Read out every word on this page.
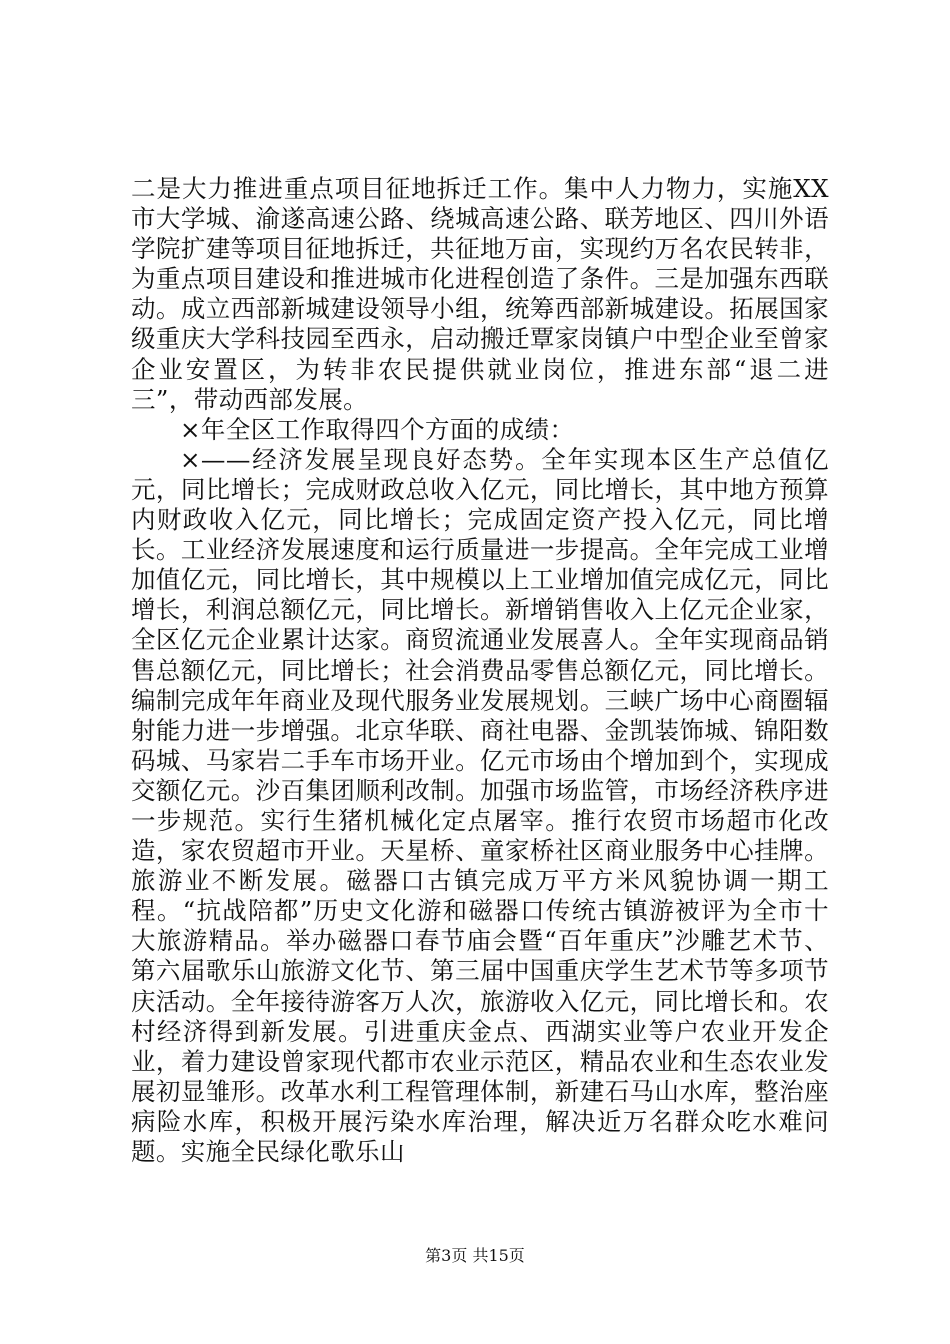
二是大力推进重点项目征地拆迁工作。集中人力物力，实施XX市大学城、渝遂高速公路、绕城高速公路、联芳地区、四川外语学院扩建等项目征地拆迁，共征地万亩，实现约万名农民转非，为重点项目建设和推进城市化进程创造了条件。三是加强东西联动。成立西部新城建设领导小组，统筹西部新城建设。拓展国家级重庆大学科技园至西永，启动搬迁覃家岗镇户中型企业至曾家企业安置区，为转非农民提供就业岗位，推进东部“退二进三”，带动西部发展。

×年全区工作取得四个方面的成绩：

×——经济发展呈现良好态势。全年实现本区生产总值亿元，同比增长；完成财政总收入亿元，同比增长，其中地方预算内财政收入亿元，同比增长；完成固定资产投入亿元，同比增长。工业经济发展速度和运行质量进一步提高。全年完成工业增加值亿元，同比增长，其中规模以上工业增加值完成亿元，同比增长，利润总额亿元，同比增长。新增销售收入上亿元企业家，全区亿元企业累计达家。商贸流通业发展喜人。全年实现商品销售总额亿元，同比增长；社会消费品零售总额亿元，同比增长。编制完成年年商业及现代服务业发展规划。三峡广场中心商圈辐射能力进一步增强。北京华联、商社电器、金凯装饰城、锦阳数码城、马家岩二手车市场开业。亿元市场由个增加到个，实现成交额亿元。沙百集团顺利改制。加强市场监管，市场经济秩序进一步规范。实行生猪机械化定点屠宰。推行农贸市场超市化改造，家农贸超市开业。天星桥、童家桥社区商业服务中心挂牌。旅游业不断发展。磁器口古镇完成万平方米风貌协调一期工程。“抗战陪都”历史文化游和磁器口传统古镇游被评为全市十大旅游精品。举办磁器口春节庙会暨“百年重庆”沙雕艺术节、第六届歌乐山旅游文化节、第三届中国重庆学生艺术节等多项节庆活动。全年接待游客万人次，旅游收入亿元，同比增长和。农村经济得到新发展。引进重庆金点、西湖实业等户农业开发企业，着力建设曾家现代都市农业示范区，精品农业和生态农业发展初显雏形。改革水利工程管理体制，新建石马山水库，整治座病险水库，积极开展污染水库治理，解决近万名群众吃水难问题。实施全民绿化歌乐山

第3页 共15页
